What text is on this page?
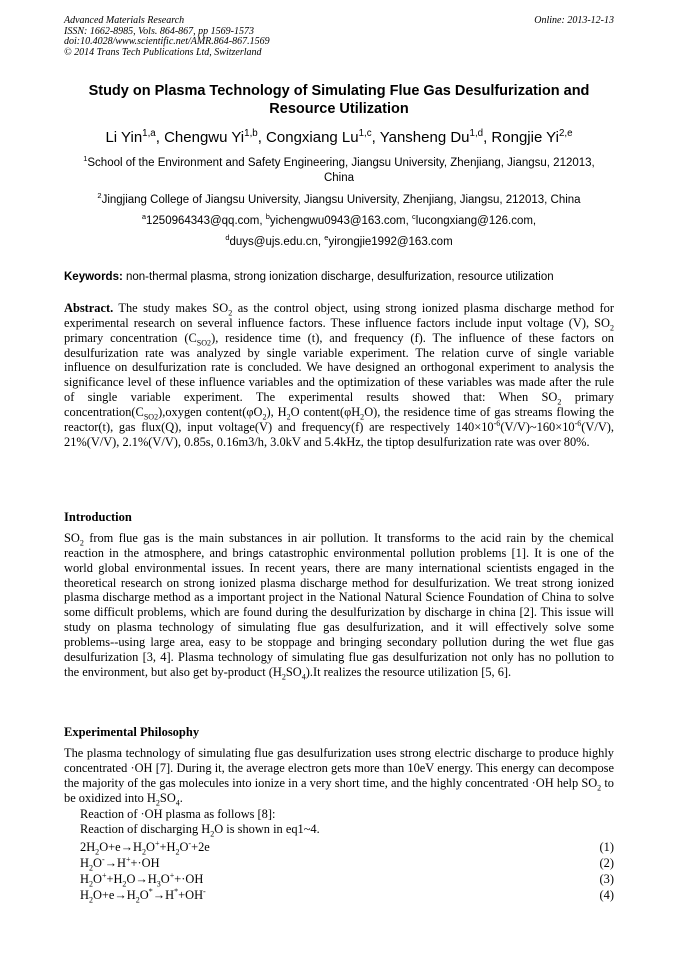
Advanced Materials Research
ISSN: 1662-8985, Vols. 864-867, pp 1569-1573
doi:10.4028/www.scientific.net/AMR.864-867.1569
© 2014 Trans Tech Publications Ltd, Switzerland
Online: 2013-12-13
Study on Plasma Technology of Simulating Flue Gas Desulfurization and
Resource Utilization
Li Yin$^{1,a}$, Chengwu Yi$^{1,b}$, Congxiang Lu$^{1,c}$, Yansheng Du$^{1,d}$, Rongjie Yi$^{2,e}$
$^1$School of the Environment and Safety Engineering, Jiangsu University, Zhenjiang, Jiangsu, 212013,
China
$^2$Jingjiang College of Jiangsu University, Jiangsu University, Zhenjiang, Jiangsu, 212013, China
$^a$1250964343@qq.com, $^b$yichengwu0943@163.com, $^c$lucongxiang@126.com,
$^d$duys@ujs.edu.cn, $^e$yirongjie1992@163.com
Keywords: non-thermal plasma, strong ionization discharge, desulfurization, resource utilization
Abstract. The study makes $SO_2$ as the control object, using strong ionized plasma discharge method for experimental research on several influence factors. These influence factors include input voltage (V), $SO_2$ primary concentration $(C_{SO2})$, residence time (t), and frequency (f). The influence of these factors on desulfurization rate was analyzed by single variable experiment. The relation curve of single variable influence on desulfurization rate is concluded. We have designed an orthogonal experiment to analysis the significance level of these influence variables and the optimization of these variables was made after the rule of single variable experiment. The experimental results showed that: When $SO_2$ primary $concentration(C_{SO2}),oxygen$ $content(\varphi O_2)$, $H_2O$ $content(\varphi H_2O)$, the residence time of gas streams flowing the reactor(t), gas flux(Q), input voltage(V) and frequency(f) are respectively $140\times 10^{-6}(V/V)\sim 160\times 10^{-6}(V/V)$, 21%(V/V), 2.1%(V/V), 0.85s, 0.16m3/h, 3.0kV and 5.4kHz, the tiptop desulfurization rate was over 80%.
Introduction
$SO_2$ from flue gas is the main substances in air pollution. It transforms to the acid rain by the chemical reaction in the atmosphere, and brings catastrophic environmental pollution problems [1]. It is one of the world global environmental issues. In recent years, there are many international scientists engaged in the theoretical research on strong ionized plasma discharge method for desulfurization. We treat strong ionized plasma discharge method as a important project in the National Natural Science Foundation of China to solve some difficult problems, which are found during the desulfurization by discharge in china [2]. This issue will study on plasma technology of simulating flue gas desulfurization, and it will effectively solve some problems--using large area, easy to be stoppage and bringing secondary pollution during the wet flue gas desulfurization [3, 4]. Plasma technology of simulating flue gas desulfurization not only has no pollution to the environment, but also get by-product $(H_2SO_4).It$ realizes the resource utilization [5, 6].
Experimental Philosophy
The plasma technology of simulating flue gas desulfurization uses strong electric discharge to produce highly concentrated ·OH [7]. During it, the average electron gets more than 10eV energy. This energy can decompose the majority of the gas molecules into ionize in a very short time, and the highly concentrated ·OH help $SO_2$ to be oxidized into $H_2SO_4$.
Reaction of ·OH plasma as follows [8]:
Reaction of discharging $H_2O$ is shown in eq1~4.
$2H_2O+e\to H_2O^++H_2O^-+2e$	(1)
$H_2O^-\to H^++\cdot OH$	(2)
$H_2O^++H_2O\to H_3O^++\cdot OH$	(3)
$H_2O+e\to H_2O^*\to H^*+OH^-$	(4)
